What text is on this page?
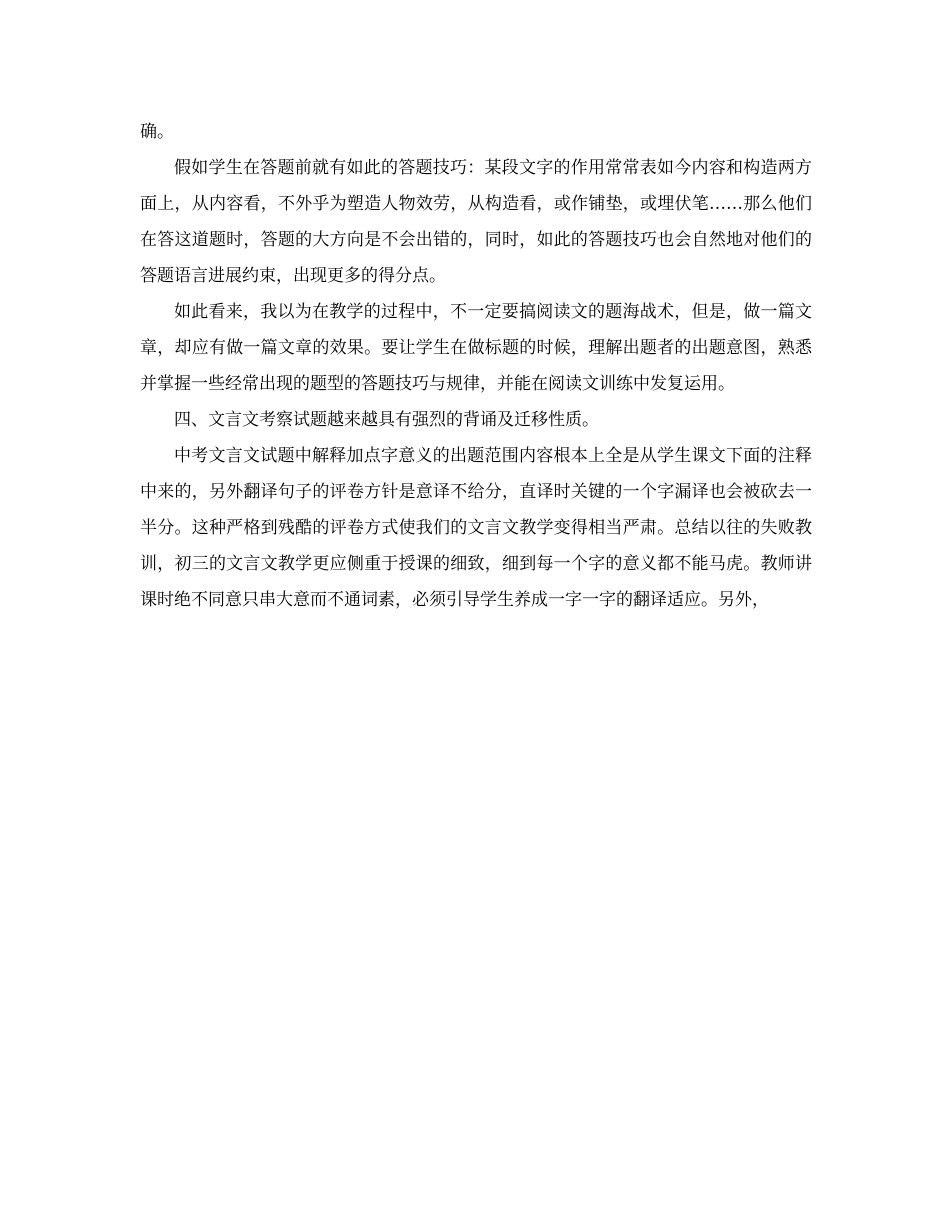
确。

假如学生在答题前就有如此的答题技巧：某段文字的作用常常表如今内容和构造两方面上，从内容看，不外乎为塑造人物效劳，从构造看，或作铺垫，或埋伏笔……那么他们在答这道题时，答题的大方向是不会出错的，同时，如此的答题技巧也会自然地对他们的答题语言进展约束，出现更多的得分点。

如此看来，我以为在教学的过程中，不一定要搞阅读文的题海战术，但是，做一篇文章，却应有做一篇文章的效果。要让学生在做标题的时候，理解出题者的出题意图，熟悉并掌握一些经常出现的题型的答题技巧与规律，并能在阅读文训练中发复运用。

四、文言文考察试题越来越具有强烈的背诵及迁移性质。

中考文言文试题中解释加点字意义的出题范围内容根本上全是从学生课文下面的注释中来的，另外翻译句子的评卷方针是意译不给分，直译时关键的一个字漏译也会被砍去一半分。这种严格到残酷的评卷方式使我们的文言文教学变得相当严肃。总结以往的失败教训，初三的文言文教学更应侧重于授课的细致，细到每一个字的意义都不能马虎。教师讲课时绝不同意只串大意而不通词素，必须引导学生养成一字一字的翻译适应。另外，
